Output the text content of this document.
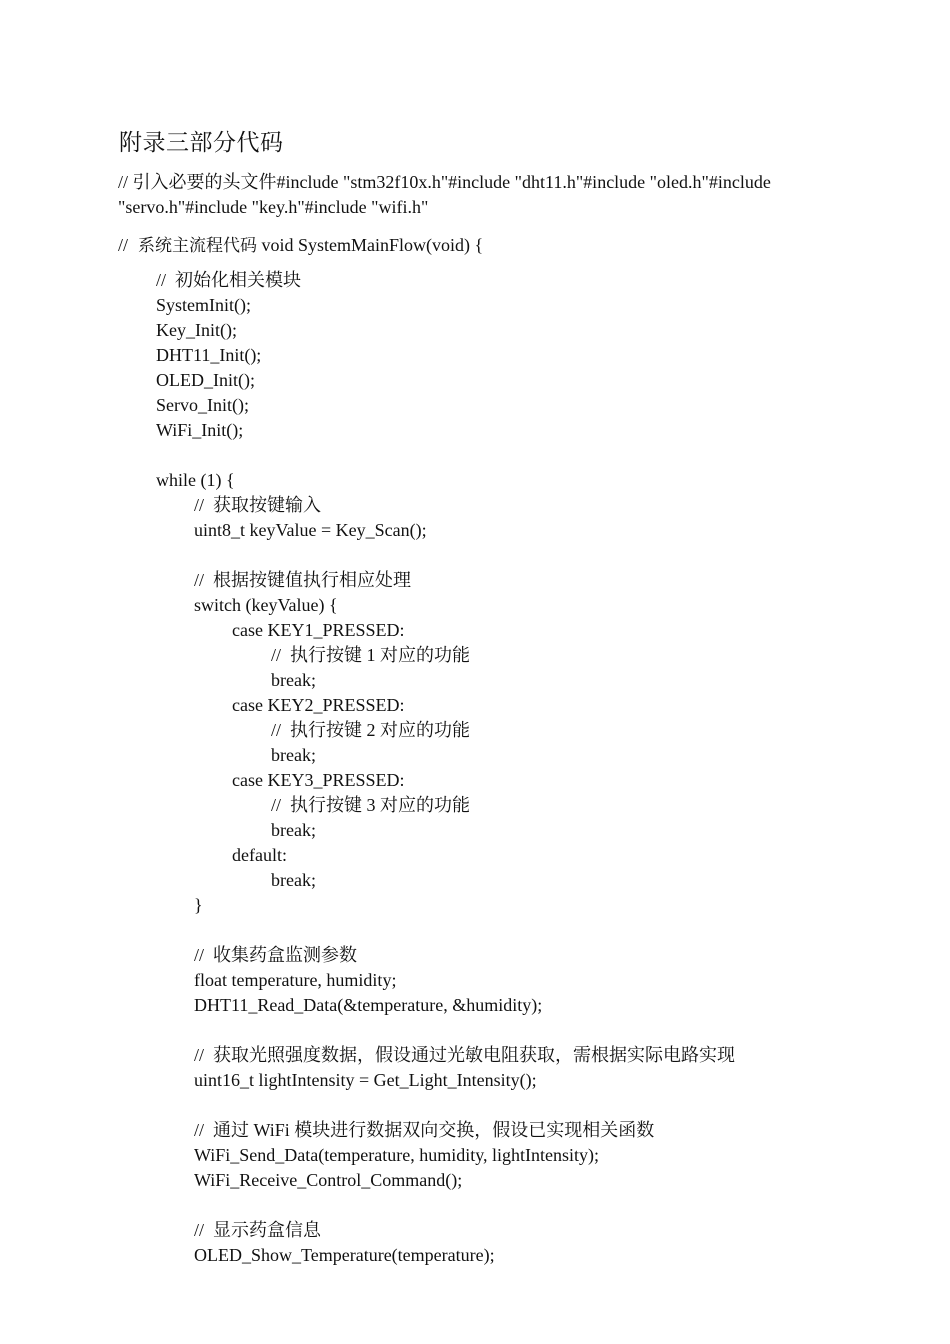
附录三部分代码
// 引入必要的头文件#include "stm32f10x.h"#include "dht11.h"#include "oled.h"#include "servo.h"#include "key.h"#include "wifi.h"
// 系统主流程代码 void SystemMainFlow(void) {
//  初始化相关模块
SystemInit();
Key_Init();
DHT11_Init();
OLED_Init();
Servo_Init();
WiFi_Init();
while (1) {
//  获取按键输入
uint8_t keyValue = Key_Scan();
//  根据按键值执行相应处理
switch (keyValue) {
case KEY1_PRESSED:
//  执行按键 1 对应的功能
break;
case KEY2_PRESSED:
//  执行按键 2 对应的功能
break;
case KEY3_PRESSED:
//  执行按键 3 对应的功能
break;
default:
break;
}
//  收集药盒监测参数
float temperature, humidity;
DHT11_Read_Data(&temperature, &humidity);
//  获取光照强度数据，假设通过光敏电阻获取，需根据实际电路实现
uint16_t lightIntensity = Get_Light_Intensity();
//  通过 WiFi 模块进行数据双向交换，假设已实现相关函数
WiFi_Send_Data(temperature, humidity, lightIntensity);
WiFi_Receive_Control_Command();
//  显示药盒信息
OLED_Show_Temperature(temperature);
